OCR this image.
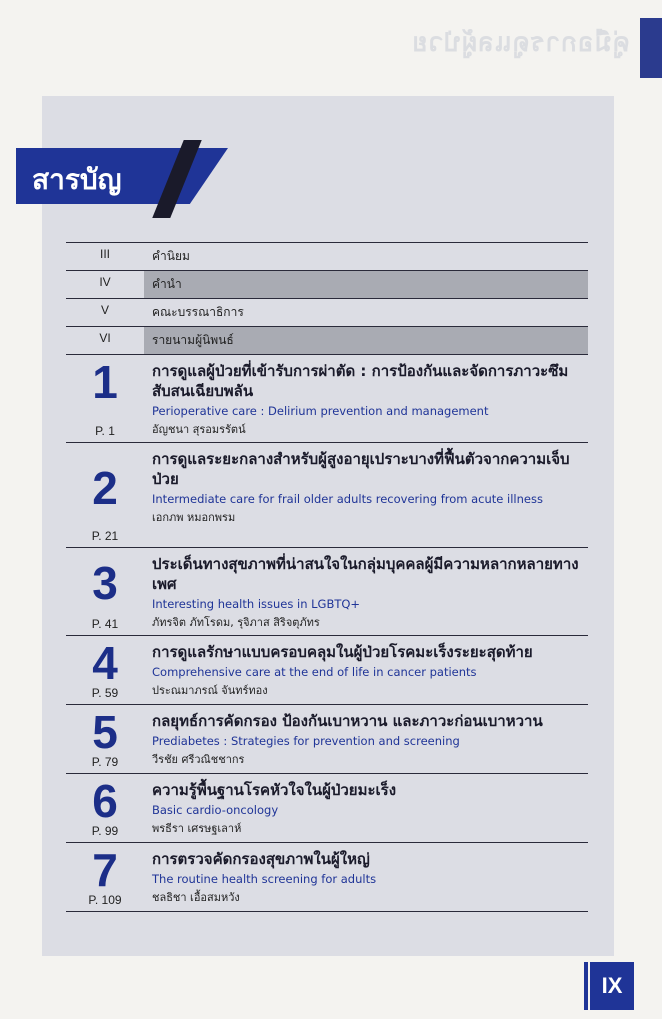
คู่มือการดูแลผู้ป่วย
สารบัญ
III	คำนิยม
IV	คำนำ
V	คณะบรรณาธิการ
VI	รายนามผู้นิพนธ์
1
P. 1
การดูแลผู้ป่วยที่เข้ารับการผ่าตัด : การป้องกันและจัดการภาวะซึมสับสนเฉียบพลัน
Perioperative care : Delirium prevention and management
อัญชนา สุรอมรรัตน์
2
P. 21
การดูแลระยะกลางสำหรับผู้สูงอายุเปราะบางที่ฟื้นตัวจากความเจ็บป่วย
Intermediate care for frail older adults recovering from acute illness
เอกภพ หมอกพรม
3
P. 41
ประเด็นทางสุขภาพที่น่าสนใจในกลุ่มบุคคลผู้มีความหลากหลายทางเพศ
Interesting health issues in LGBTQ+
ภัทรจิต ภัทโรดม, รุจิภาส สิริจตุภัทร
4
P. 59
การดูแลรักษาแบบครอบคลุมในผู้ป่วยโรคมะเร็งระยะสุดท้าย
Comprehensive care at the end of life in cancer patients
ประณมาภรณ์ จันทร์ทอง
5
P. 79
กลยุทธ์การคัดกรอง ป้องกันเบาหวาน และภาวะก่อนเบาหวาน
Prediabetes : Strategies for prevention and screening
วีรชัย ศรีวณิชชากร
6
P. 99
ความรู้พื้นฐานโรคหัวใจในผู้ป่วยมะเร็ง
Basic cardio-oncology
พรธีรา เศรษฐเลาห์
7
P. 109
การตรวจคัดกรองสุขภาพในผู้ใหญ่
The routine health screening for adults
ชลธิชา เอื้อสมหวัง
IX
